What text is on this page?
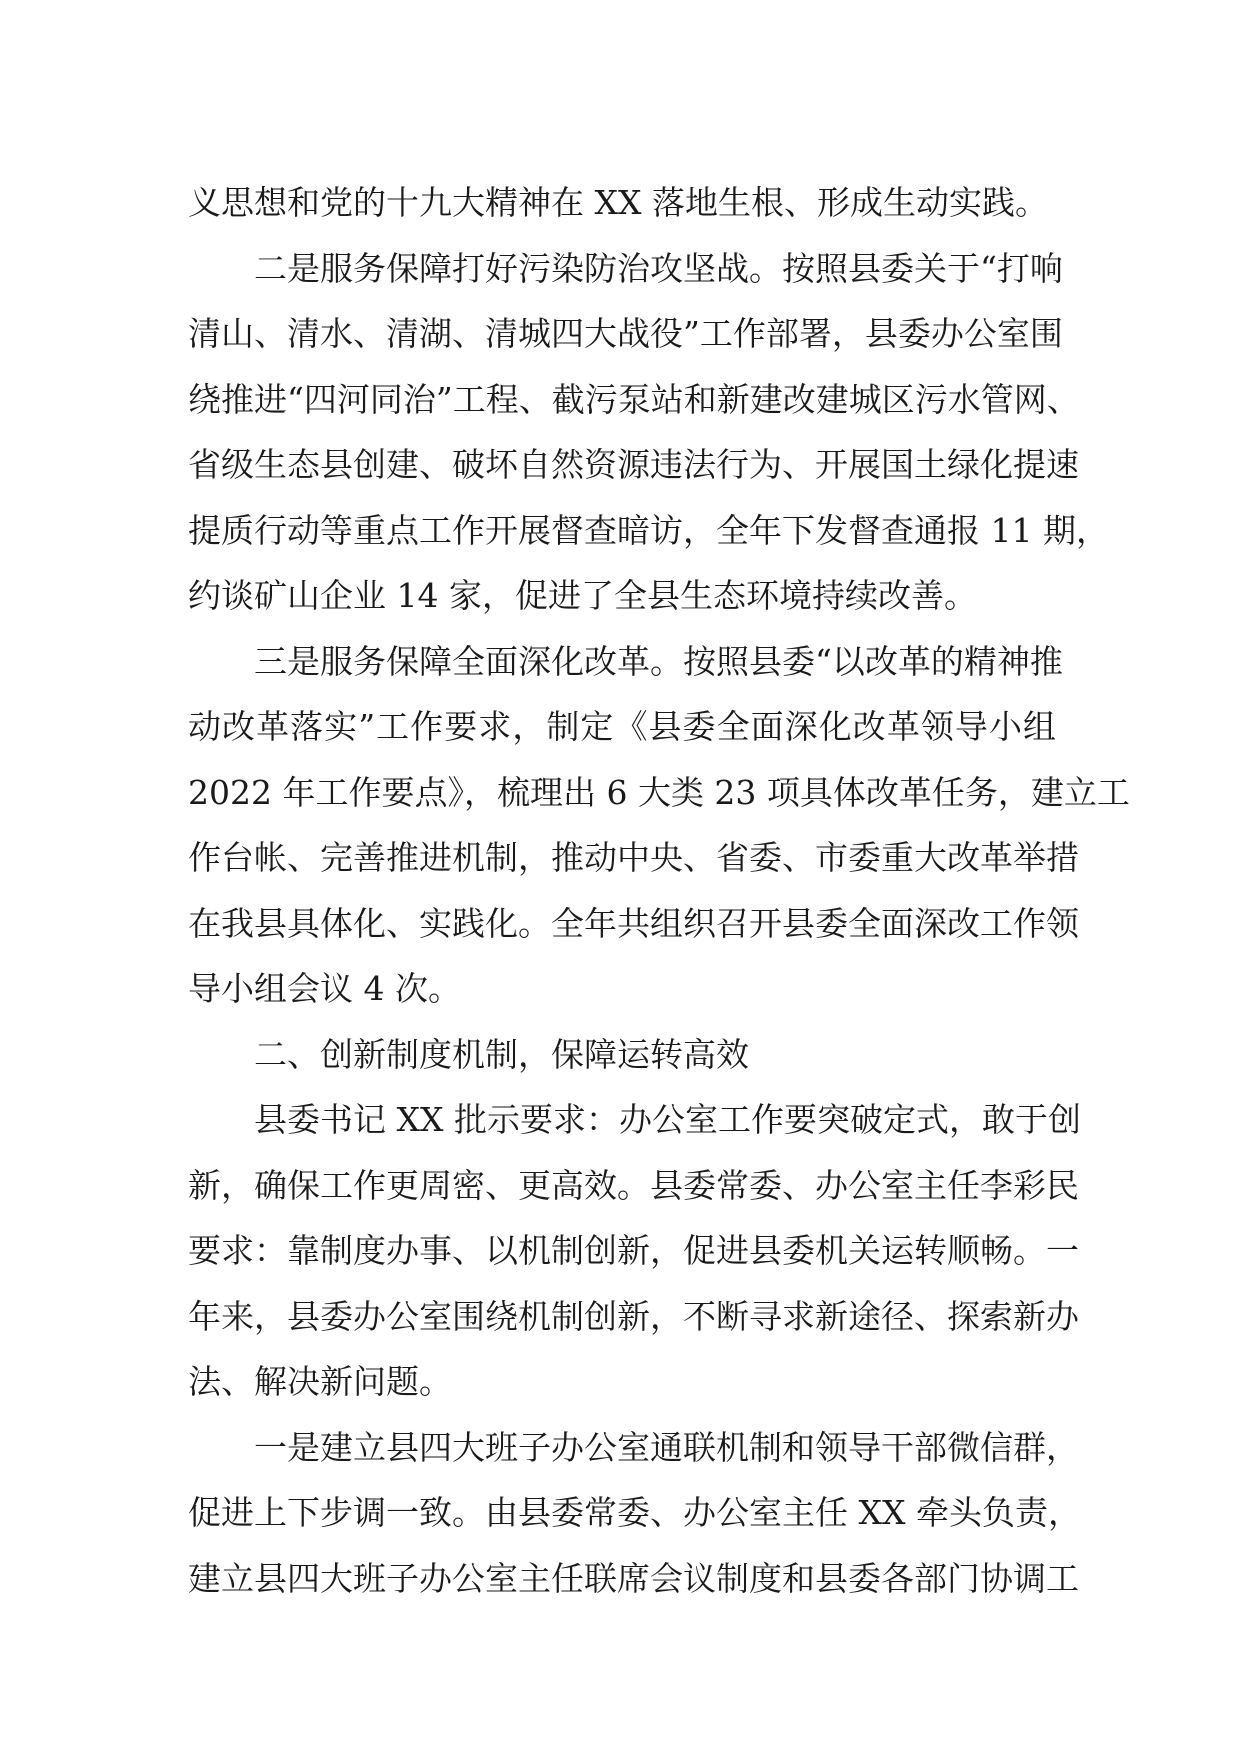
义思想和党的十九大精神在 XX 落地生根、形成生动实践。
二是服务保障打好污染防治攻坚战。按照县委关于“打响
清山、清水、清湖、清城四大战役”工作部署，县委办公室围
绕推进“四河同治”工程、截污泵站和新建改建城区污水管网、
省级生态县创建、破坏自然资源违法行为、开展国土绿化提速
提质行动等重点工作开展督查暗访，全年下发督查通报 11 期，
约谈矿山企业 14 家，促进了全县生态环境持续改善。
三是服务保障全面深化改革。按照县委“以改革的精神推
动改革落实”工作要求，制定《县委全面深化改革领导小组
2022 年工作要点》，梳理出 6 大类 23 项具体改革任务，建立工
作台帐、完善推进机制，推动中央、省委、市委重大改革举措
在我县具体化、实践化。全年共组织召开县委全面深改工作领
导小组会议 4 次。
二、创新制度机制，保障运转高效
县委书记 XX 批示要求：办公室工作要突破定式，敢于创
新，确保工作更周密、更高效。县委常委、办公室主任李彩民
要求：靠制度办事、以机制创新，促进县委机关运转顺畅。一
年来，县委办公室围绕机制创新，不断寻求新途径、探索新办
法、解决新问题。
一是建立县四大班子办公室通联机制和领导干部微信群，
促进上下步调一致。由县委常委、办公室主任 XX 牵头负责，
建立县四大班子办公室主任联席会议制度和县委各部门协调工
